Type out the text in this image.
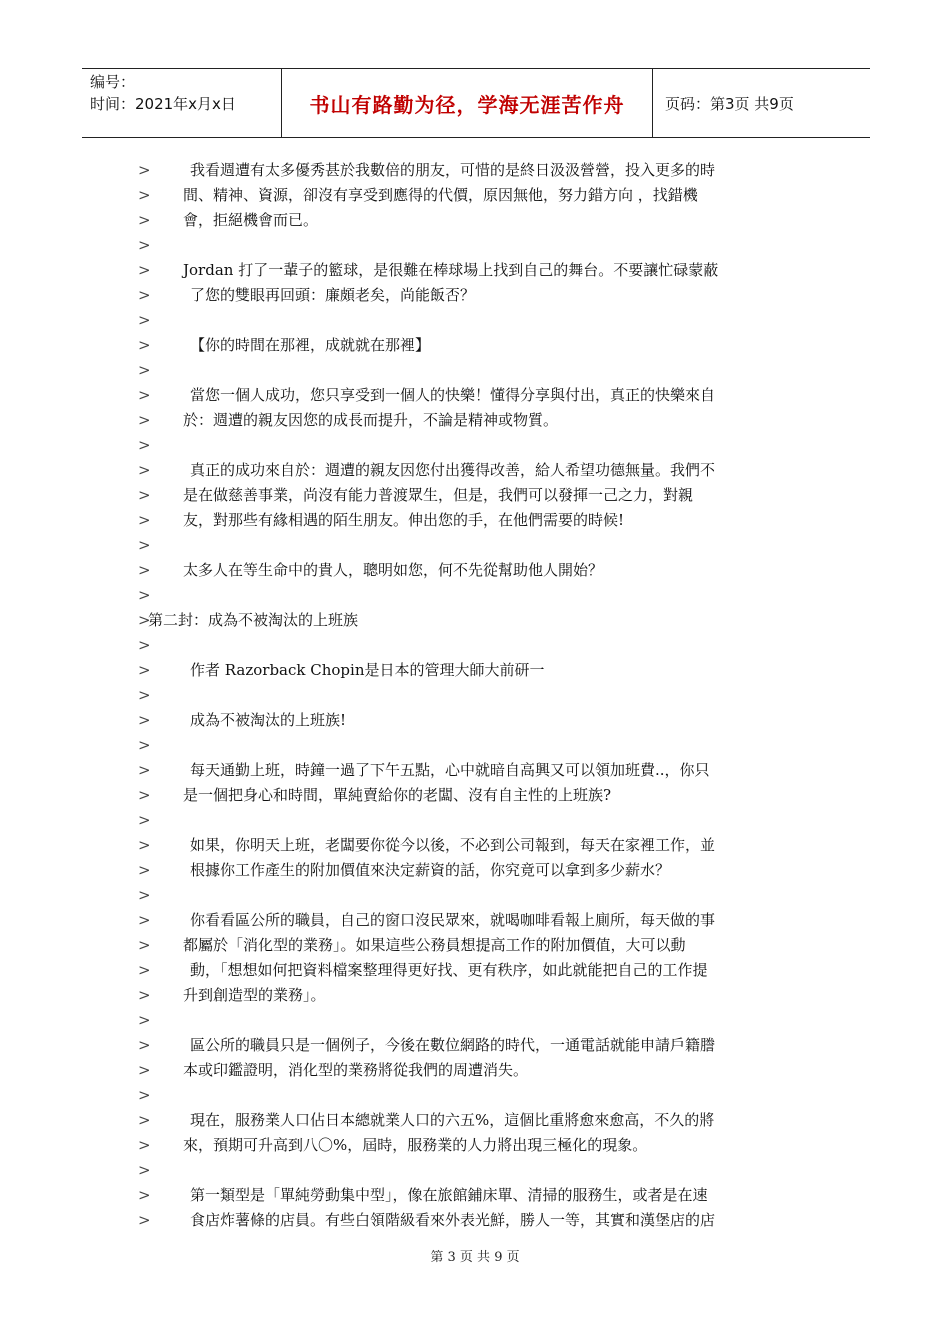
编号：
时间：2021年x月x日	书山有路勤为径，学海无涯苦作舟	页码：第3页 共9页
>	我看週遭有太多優秀甚於我數倍的朋友，可惜的是終日汲汲營營，投入更多的時
> 間、精神、資源，卻沒有享受到應得的代價，原因無他，努力錯方向 ，找錯機
> 會，拒絕機會而已。
>
> Jordan 打了一輩子的籃球，是很難在棒球場上找到自己的舞台。不要讓忙碌蒙蔽
>	了您的雙眼再回頭：廉頗老矣，尚能飯否？
>
>	【你的時間在那裡，成就就在那裡】
>
>	當您一個人成功，您只享受到一個人的快樂！懂得分享與付出，真正的快樂來自
> 於：週遭的親友因您的成長而提升，不論是精神或物質。
>
>	真正的成功來自於：週遭的親友因您付出獲得改善，給人希望功德無量。我們不
> 是在做慈善事業，尚沒有能力普渡眾生，但是，我們可以發揮一己之力，對親
> 友，對那些有緣相遇的陌生朋友。伸出您的手，在他們需要的時候!
>
> 太多人在等生命中的貴人，聰明如您，何不先從幫助他人開始？
>
>
第二封：成為不被淘汰的上班族
>
>	作者 Razorback Chopin是日本的管理大師大前研一
>
>	成為不被淘汰的上班族!
>
>	每天通勤上班，時鐘一過了下午五點，心中就暗自高興又可以領加班費..，你只
> 是一個把身心和時間，單純賣給你的老闆、沒有自主性的上班族?
>
>	如果，你明天上班，老闆要你從今以後，不必到公司報到，每天在家裡工作，並
>	根據你工作產生的附加價值來決定薪資的話，你究竟可以拿到多少薪水？
>
>	你看看區公所的職員，自己的窗口沒民眾來，就喝咖啡看報上廁所，每天做的事
> 都屬於「消化型的業務」。如果這些公務員想提高工作的附加價值，大可以動
>	動，「想想如何把資料檔案整理得更好找、更有秩序，如此就能把自己的工作提
> 升到創造型的業務」。
>
>	區公所的職員只是一個例子，今後在數位網路的時代，一通電話就能申請戶籍謄
> 本或印鑑證明，消化型的業務將從我們的周遭消失。
>
>	現在，服務業人口佔日本總就業人口的六五%，這個比重將愈來愈高，不久的將
> 來，預期可升高到八〇%，屆時，服務業的人力將出現三極化的現象。
>
>	第一類型是「單純勞動集中型」，像在旅館鋪床單、清掃的服務生，或者是在速
>	食店炸薯條的店員。有些白領階級看來外表光鮮，勝人一等，其實和漢堡店的店
第 3 页 共 9 页
